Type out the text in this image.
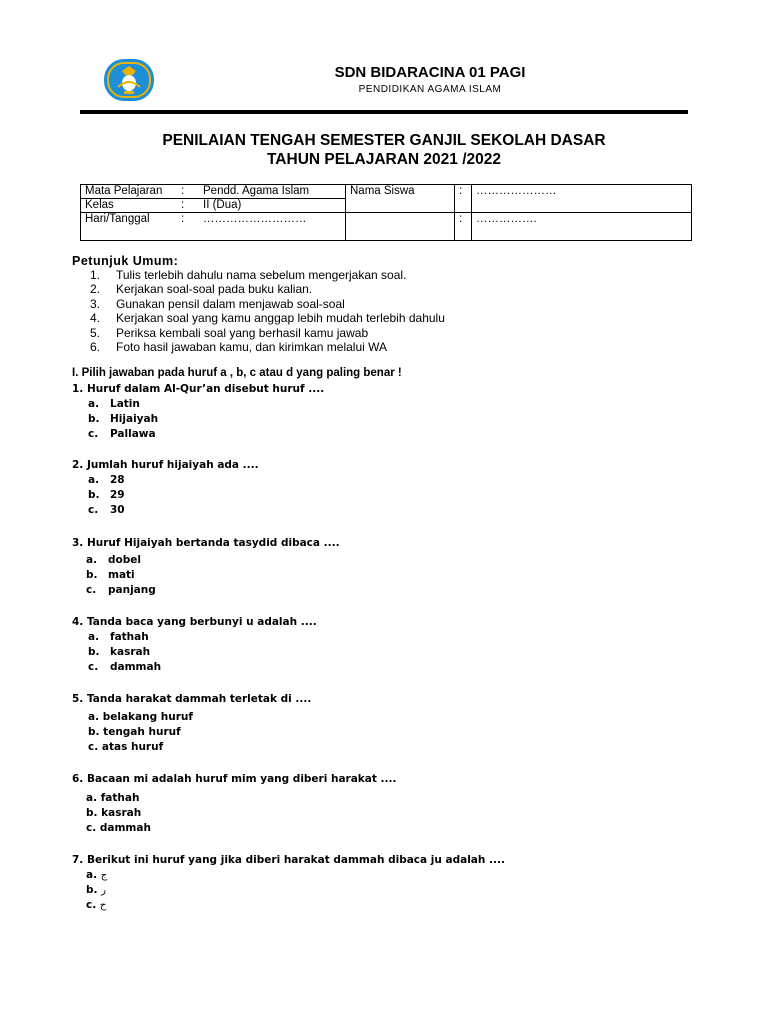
SDN BIDARACINA 01 PAGI
PENDIDIKAN AGAMA ISLAM
PENILAIAN TENGAH SEMESTER GANJIL SEKOLAH DASAR
TAHUN PELAJARAN 2021 /2022
Mata Pelajaran	:	Pendd. Agama Islam	Nama Siswa	:	…………………
Kelas	:	II (Dua)			
Hari/Tanggal	:	………………………		:	…………….
Petunjuk Umum:
1. Tulis terlebih dahulu nama sebelum mengerjakan soal.
2. Kerjakan soal-soal pada buku kalian.
3. Gunakan pensil dalam menjawab soal-soal
4. Kerjakan soal yang kamu anggap lebih mudah terlebih dahulu
5. Periksa kembali soal yang berhasil kamu jawab
6. Foto hasil jawaban kamu, dan kirimkan melalui WA
I. Pilih jawaban pada huruf a , b, c atau d yang paling benar !
1. Huruf dalam Al-Qur’an disebut huruf ....
a. Latin
b. Hijaiyah
c. Pallawa
2. Jumlah huruf hijaiyah ada ....
a. 28
b. 29
c. 30
3. Huruf Hijaiyah bertanda tasydid dibaca ....
a. dobel
b. mati
c. panjang
4. Tanda baca yang berbunyi u adalah ....
a. fathah
b. kasrah
c. dammah
5. Tanda harakat dammah terletak di ....
a. belakang huruf
b. tengah huruf
c. atas huruf
6. Bacaan mi adalah huruf mim yang diberi harakat ....
a. fathah
b. kasrah
c. dammah
7. Berikut ini huruf yang jika diberi harakat dammah dibaca ju adalah ....
a. ج
b. ر
c. ح
